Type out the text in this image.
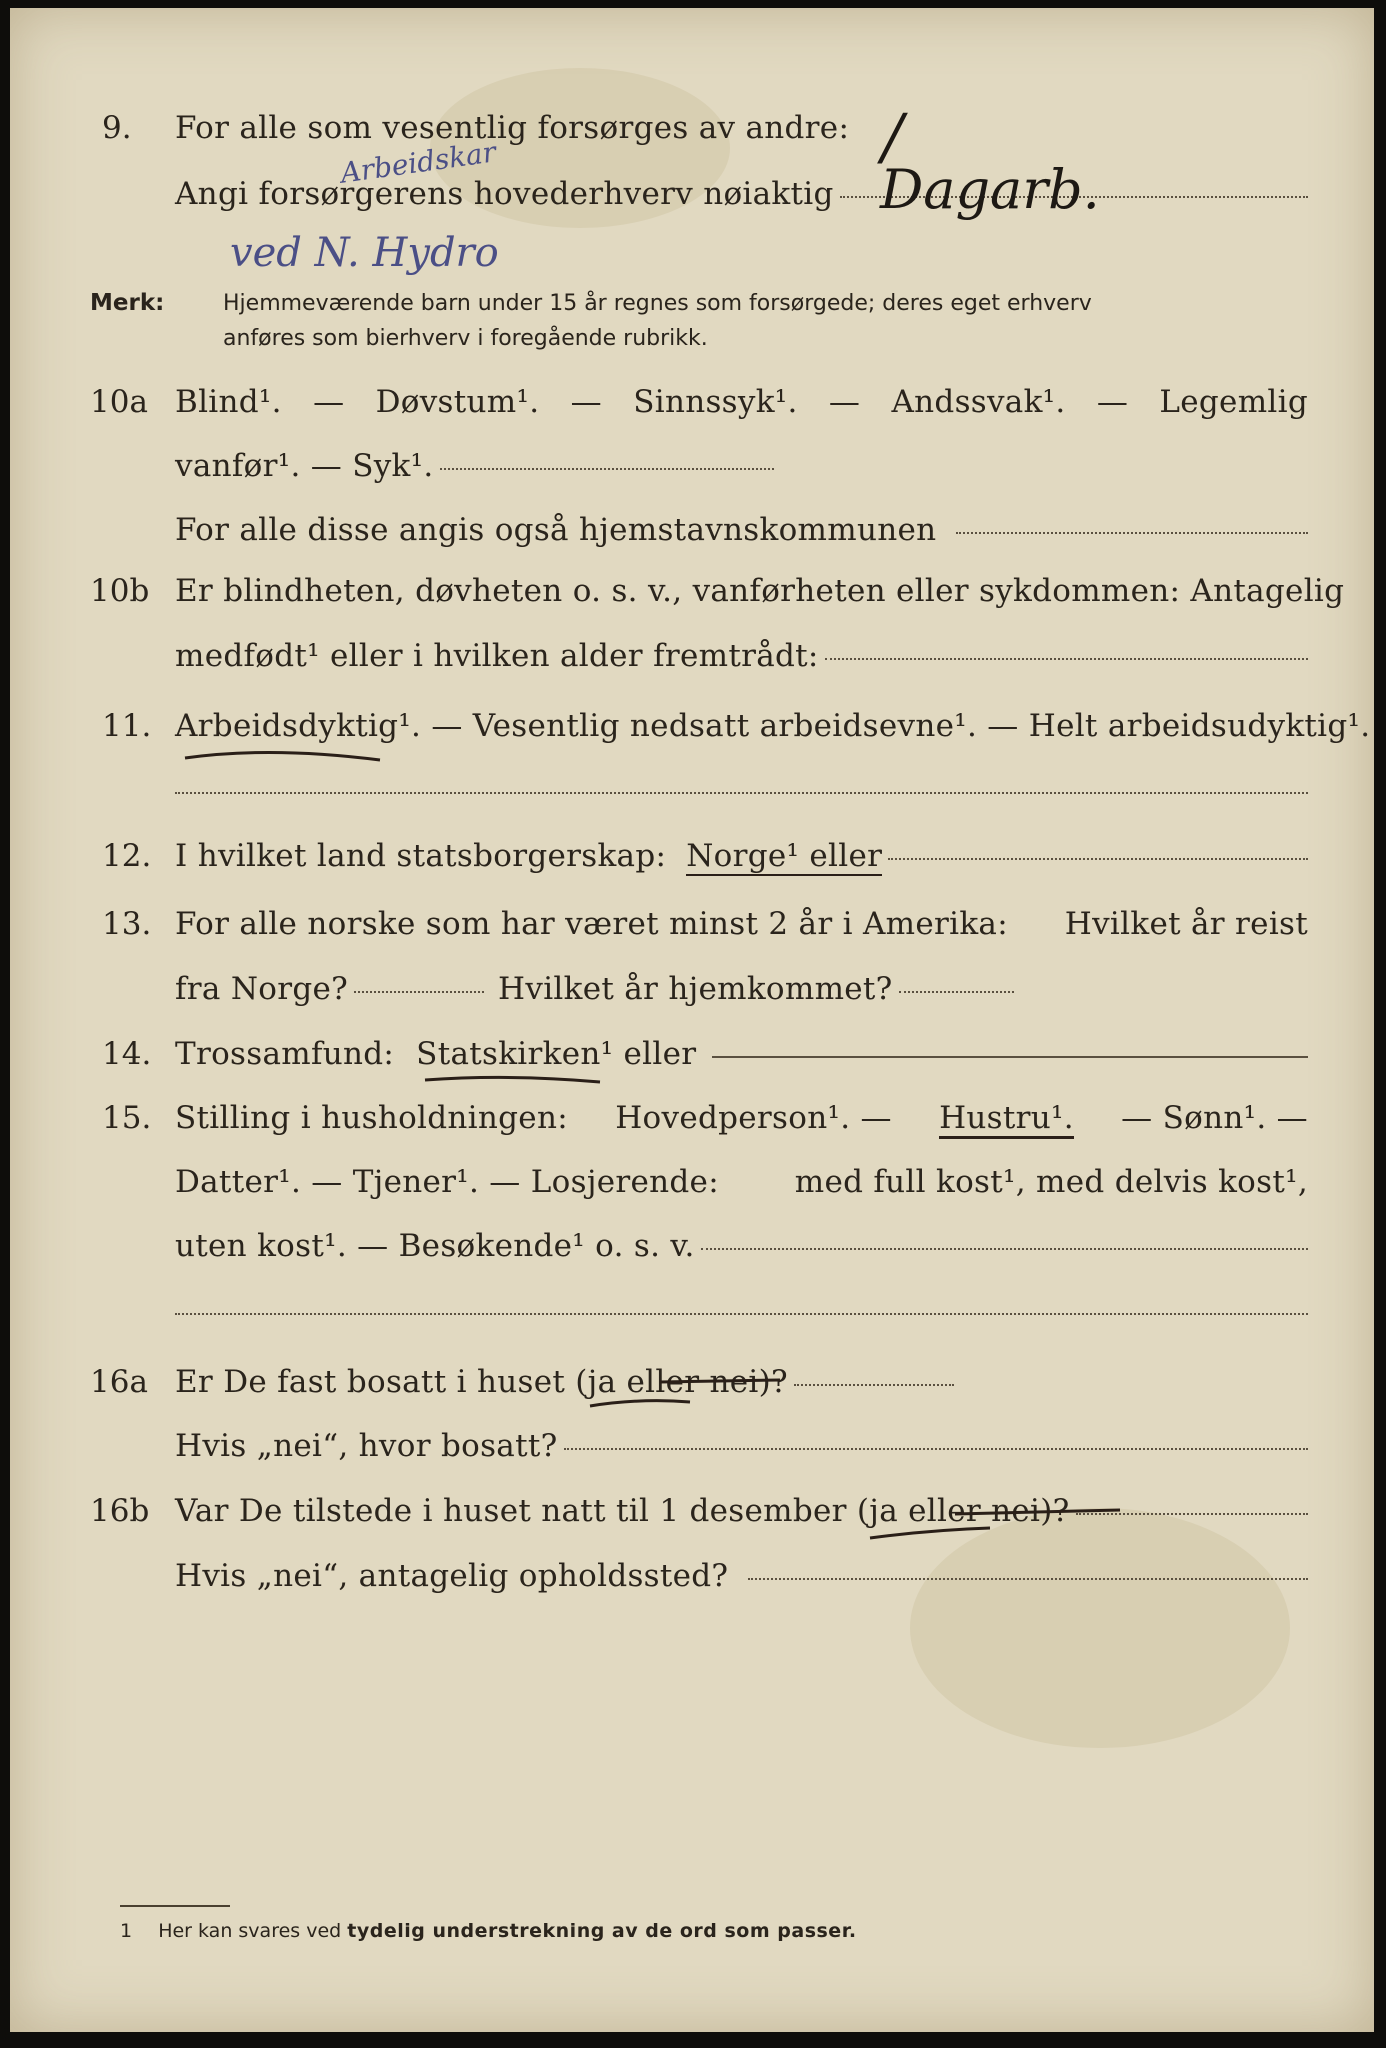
9. For alle som vesentlig forsørges av andre:
Angi forsørgerens hovederhverv nøiaktig
/
Dagarb.
Arbeidskar
ved N. Hydro
Merk:	Hjemmeværende barn under 15 år regnes som forsørgede; deres eget erhverv
anføres som bierhverv i foregående rubrikk.
10a Blind¹. — Døvstum¹. — Sinnssyk¹. — Andssvak¹. — Legemlig
vanfør¹. — Syk¹.
For alle disse angis også hjemstavnskommunen
10b Er blindheten, døvheten o. s. v., vanførheten eller sykdommen: Antagelig
medfødt¹ eller i hvilken alder fremtrådt:
11. Arbeidsdyktig¹. — Vesentlig nedsatt arbeidsevne¹. — Helt arbeidsudyktig¹.
12. I hvilket land statsborgerskap: Norge¹ eller
13. For alle norske som har været minst 2 år i Amerika: Hvilket år reist
fra Norge?	Hvilket år hjemkommet?
14. Trossamfund: Statskirken¹ eller
15. Stilling i husholdningen: Hovedperson¹. — Hustru¹. — Sønn¹. —
Datter¹. — Tjener¹. — Losjerende: med full kost¹, med delvis kost¹,
uten kost¹. — Besøkende¹ o. s. v.
16a Er De fast bosatt i huset (ja eller nei)?
Hvis „nei“, hvor bosatt?
16b Var De tilstede i huset natt til 1 desember (ja eller nei)?
Hvis „nei“, antagelig opholdssted?
1 Her kan svares ved tydelig understrekning av de ord som passer.
